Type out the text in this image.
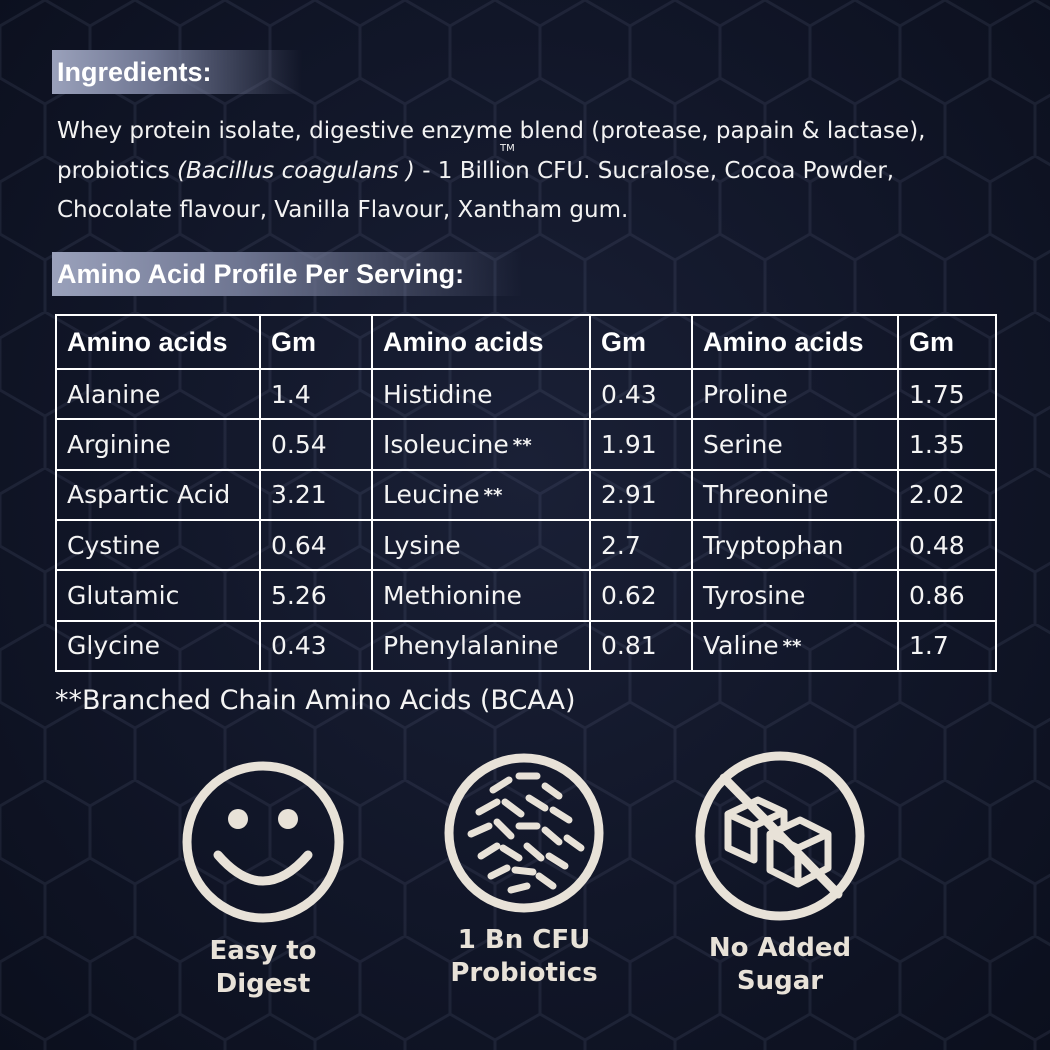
Ingredients:
Whey protein isolate, digestive enzyme blend (protease, papain & lactase),
probiotics (Bacillus coagulans ) - 1 Billion CFU. Sucralose, Cocoa Powder,
TM
Chocolate flavour, Vanilla Flavour, Xantham gum.
Amino Acid Profile Per Serving:
Amino acids	Gm	Amino acids	Gm	Amino acids	Gm
Alanine	1.4	Histidine	0.43	Proline	1.75
Arginine	0.54	Isoleucine **	1.91	Serine	1.35
Aspartic Acid	3.21	Leucine **	2.91	Threonine	2.02
Cystine	0.64	Lysine	2.7	Tryptophan	0.48
Glutamic	5.26	Methionine	0.62	Tyrosine	0.86
Glycine	0.43	Phenylalanine	0.81	Valine **	1.7
**Branched Chain Amino Acids (BCAA)
Easy to
Digest
1 Bn CFU
Probiotics
No Added
Sugar
